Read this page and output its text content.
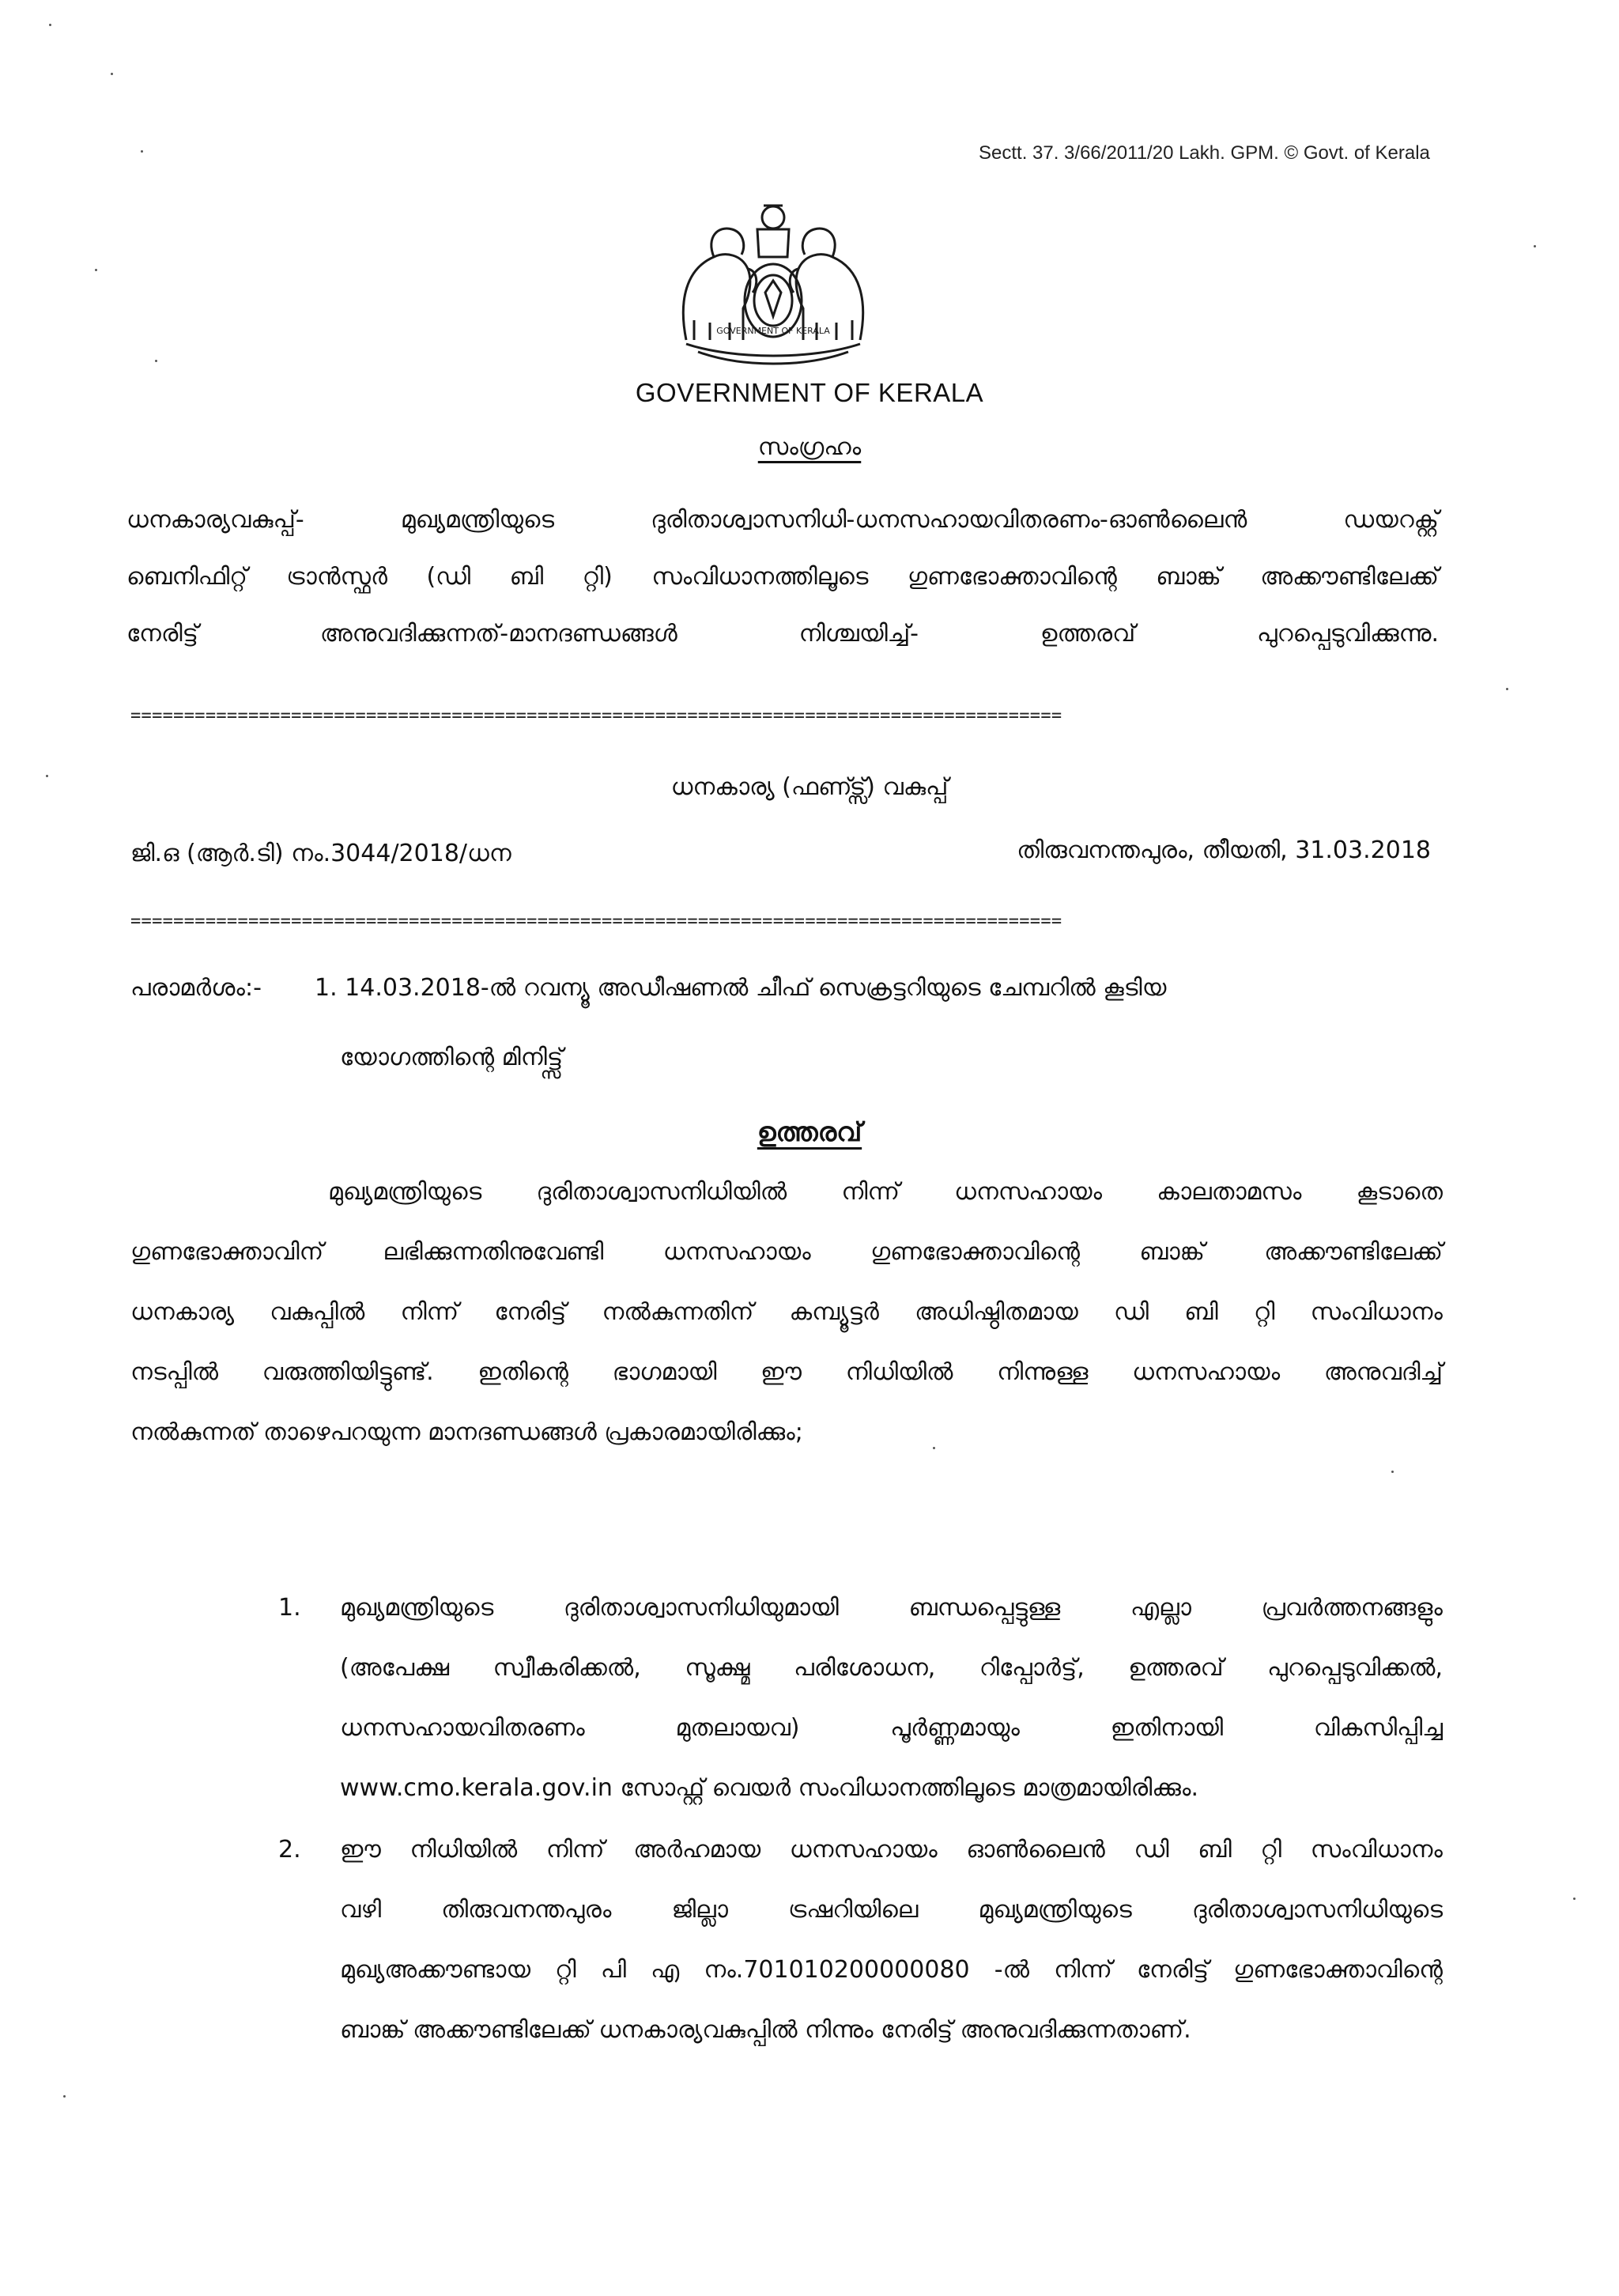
Sectt. 37. 3/66/2011/20 Lakh. GPM. © Govt. of Kerala
GOVERNMENT OF KERALA
GOVERNMENT OF KERALA
സംഗ്രഹം
ധനകാര്യവകുപ്പ്- മുഖ്യമന്ത്രിയുടെ ദുരിതാശ്വാസനിധി-ധനസഹായവിതരണം-ഓൺലൈൻ ഡയറക്റ്റ്
ബെനിഫിറ്റ് ട്രാൻസ്ഫർ (ഡി ബി റ്റി) സംവിധാനത്തിലൂടെ ഗുണഭോക്താവിന്റെ ബാങ്ക് അക്കൗണ്ടിലേക്ക്
നേരിട്ട് അനുവദിക്കുന്നത്-മാനദണ്ഡങ്ങൾ നിശ്ചയിച്ച്- ഉത്തരവ് പുറപ്പെടുവിക്കുന്നു.
=======================================================================================
ധനകാര്യ (ഫണ്ട്സ്) വകുപ്പ്
ജി.ഒ (ആർ.ടി) നം.3044/2018/ധന	തിരുവനന്തപുരം, തീയതി, 31.03.2018
=======================================================================================
പരാമർശം:- 1. 14.03.2018-ൽ റവന്യൂ അഡീഷണൽ ചീഫ് സെക്രട്ടറിയുടെ ചേമ്പറിൽ കൂടിയ
യോഗത്തിന്റെ മിനിട്ട്സ്
ഉത്തരവ്
മുഖ്യമന്ത്രിയുടെ ദുരിതാശ്വാസനിധിയിൽ നിന്ന് ധനസഹായം കാലതാമസം കൂടാതെ
ഗുണഭോക്താവിന് ലഭിക്കുന്നതിനുവേണ്ടി ധനസഹായം ഗുണഭോക്താവിന്റെ ബാങ്ക് അക്കൗണ്ടിലേക്ക്
ധനകാര്യ വകുപ്പിൽ നിന്ന് നേരിട്ട് നൽകുന്നതിന് കമ്പ്യൂട്ടർ അധിഷ്ഠിതമായ ഡി ബി റ്റി സംവിധാനം
നടപ്പിൽ വരുത്തിയിട്ടുണ്ട്. ഇതിന്റെ ഭാഗമായി ഈ നിധിയിൽ നിന്നുള്ള ധനസഹായം അനുവദിച്ച്
നൽകുന്നത് താഴെപറയുന്ന മാനദണ്ഡങ്ങൾ പ്രകാരമായിരിക്കും;
1. മുഖ്യമന്ത്രിയുടെ ദുരിതാശ്വാസനിധിയുമായി ബന്ധപ്പെട്ടുള്ള എല്ലാ പ്രവർത്തനങ്ങളും
(അപേക്ഷ സ്വീകരിക്കൽ, സൂക്ഷ്മ പരിശോധന, റിപ്പോർട്ട്, ഉത്തരവ് പുറപ്പെടുവിക്കൽ,
ധനസഹായവിതരണം മുതലായവ) പൂർണ്ണമായും ഇതിനായി വികസിപ്പിച്ച
www.cmo.kerala.gov.in സോഫ്റ്റ് വെയർ സംവിധാനത്തിലൂടെ മാത്രമായിരിക്കും.
2. ഈ നിധിയിൽ നിന്ന് അർഹമായ ധനസഹായം ഓൺലൈൻ ഡി ബി റ്റി സംവിധാനം
വഴി തിരുവനന്തപുരം ജില്ലാ ട്രഷറിയിലെ മുഖ്യമന്ത്രിയുടെ ദുരിതാശ്വാസനിധിയുടെ
മുഖ്യഅക്കൗണ്ടായ റ്റി പി എ നം.701010200000080 -ൽ നിന്ന് നേരിട്ട് ഗുണഭോക്താവിന്റെ
ബാങ്ക് അക്കൗണ്ടിലേക്ക് ധനകാര്യവകുപ്പിൽ നിന്നും നേരിട്ട് അനുവദിക്കുന്നതാണ്.
